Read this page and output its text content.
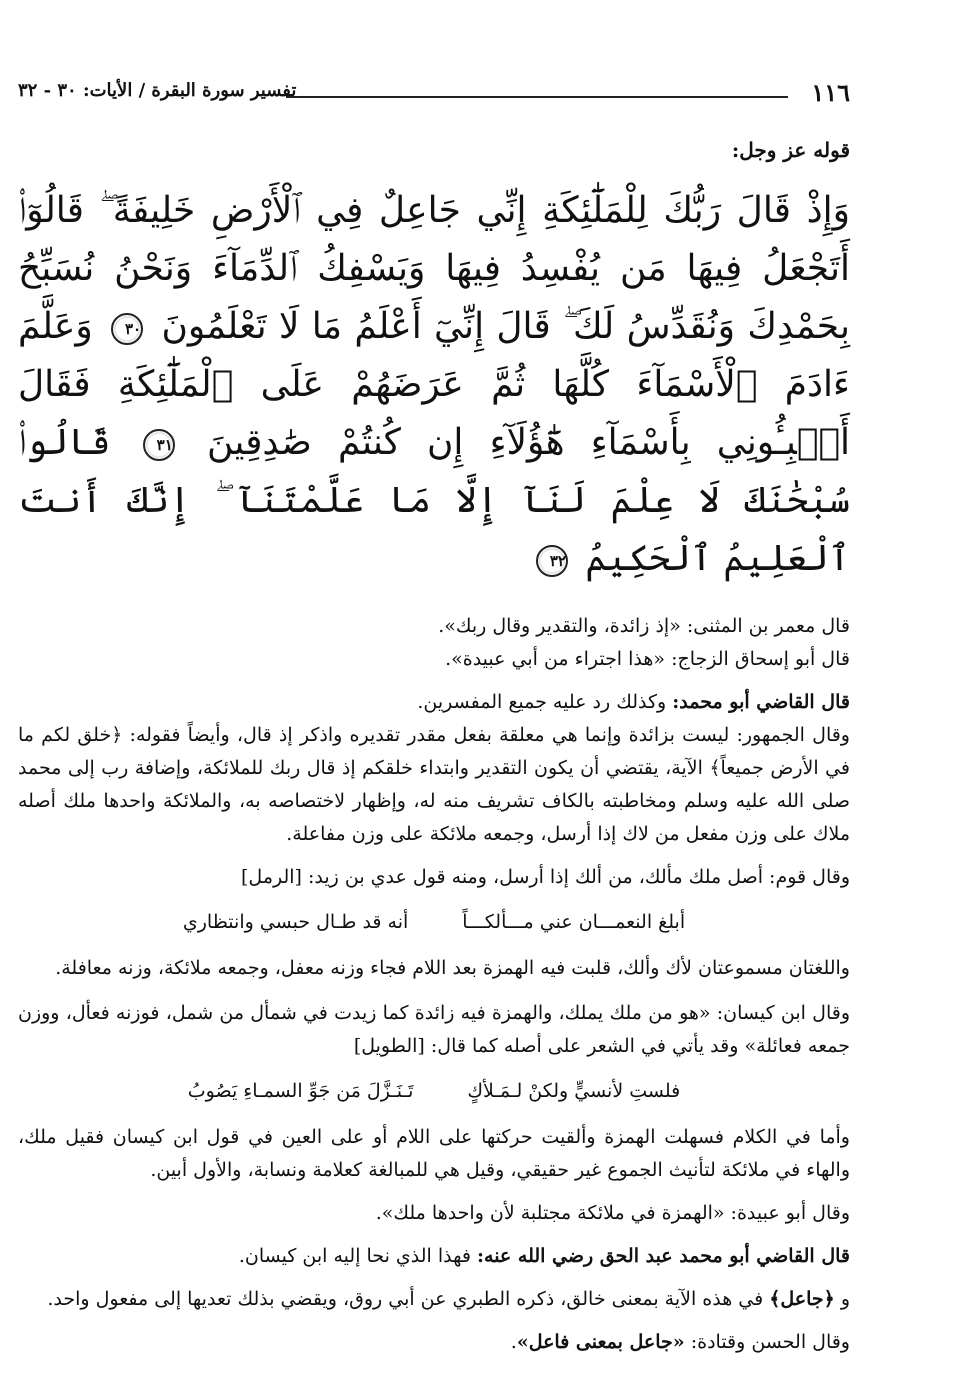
١١٦
تفسير سورة البقرة / الأيات: ٣٠ - ٣٢
قوله عز وجل:
وَإِذْ قَالَ رَبُّكَ لِلْمَلَٰٓئِكَةِ إِنِّي جَاعِلٌ فِي ٱلْأَرْضِ خَلِيفَةً ۖ قَالُوٓا۟ أَتَجْعَلُ فِيهَا مَن يُفْسِدُ فِيهَا وَيَسْفِكُ ٱلدِّمَآءَ وَنَحْنُ نُسَبِّحُ بِحَمْدِكَ وَنُقَدِّسُ لَكَ ۖ قَالَ إِنِّيٓ أَعْلَمُ مَا لَا تَعْلَمُونَ ٣٠ وَعَلَّمَ ءَادَمَ ٱلْأَسْمَآءَ كُلَّهَا ثُمَّ عَرَضَهُمْ عَلَى ٱلْمَلَٰٓئِكَةِ فَقَالَ أَنۢبِـُٔونِي بِأَسْمَآءِ هَٰٓؤُلَآءِ إِن كُنتُمْ صَٰدِقِينَ ٣١ قَالُوا۟ سُبْحَٰنَكَ لَا عِلْمَ لَنَآ إِلَّا مَا عَلَّمْتَنَآ ۖ إِنَّكَ أَنتَ ٱلْعَلِيمُ ٱلْحَكِيمُ ٣٢

قال معمر بن المثنى: «إذ زائدة، والتقدير وقال ربك».

قال أبو إسحاق الزجاج: «هذا اجتراء من أبي عبيدة».

قال القاضي أبو محمد: وكذلك رد عليه جميع المفسرين.

وقال الجمهور: ليست بزائدة وإنما هي معلقة بفعل مقدر تقديره واذكر إذ قال، وأيضاً فقوله: ﴿خلق لكم ما في الأرض جميعاً﴾ الآية، يقتضي أن يكون التقدير وابتداء خلقكم إذ قال ربك للملائكة، وإضافة رب إلى محمد صلى الله عليه وسلم ومخاطبته بالكاف تشريف منه له، وإظهار لاختصاصه به، والملائكة واحدها ملك أصله ملاك على وزن مفعل من لاك إذا أرسل، وجمعه ملائكة على وزن مفاعلة.

وقال قوم: أصل ملك مألك، من ألك إذا أرسل، ومنه قول عدي بن زيد: [الرمل]

أبلغ النعمـــان عني مـــألكـــاً
أنه قد طـال حبسي وانتظاري

واللغتان مسموعتان لأك وألك، قلبت فيه الهمزة بعد اللام فجاء وزنه معفل، وجمعه ملائكة، وزنه معافلة.

وقال ابن كيسان: «هو من ملك يملك، والهمزة فيه زائدة كما زيدت في شمأل من شمل، فوزنه فعأل، ووزن جمعه فعائلة» وقد يأتي في الشعر على أصله كما قال: [الطويل]

فلستِ لأنسيٍّ ولكنْ لـمَـلأكٍ
تَـنَـزَّلَ مَن جَوِّ السمـاءِ يَصُوبُ

وأما في الكلام فسهلت الهمزة وألقيت حركتها على اللام أو على العين في قول ابن كيسان فقيل ملك، والهاء في ملائكة لتأنيث الجموع غير حقيقي، وقيل هي للمبالغة كعلامة ونسابة، والأول أبين.

وقال أبو عبيدة: «الهمزة في ملائكة مجتلبة لأن واحدها ملك».

قال القاضي أبو محمد عبد الحق رضي الله عنه: فهذا الذي نحا إليه ابن كيسان.

و ﴿جاعل﴾ في هذه الآية بمعنى خالق، ذكره الطبري عن أبي روق، ويقضي بذلك تعديها إلى مفعول واحد.

وقال الحسن وقتادة: «جاعل بمعنى فاعل».
